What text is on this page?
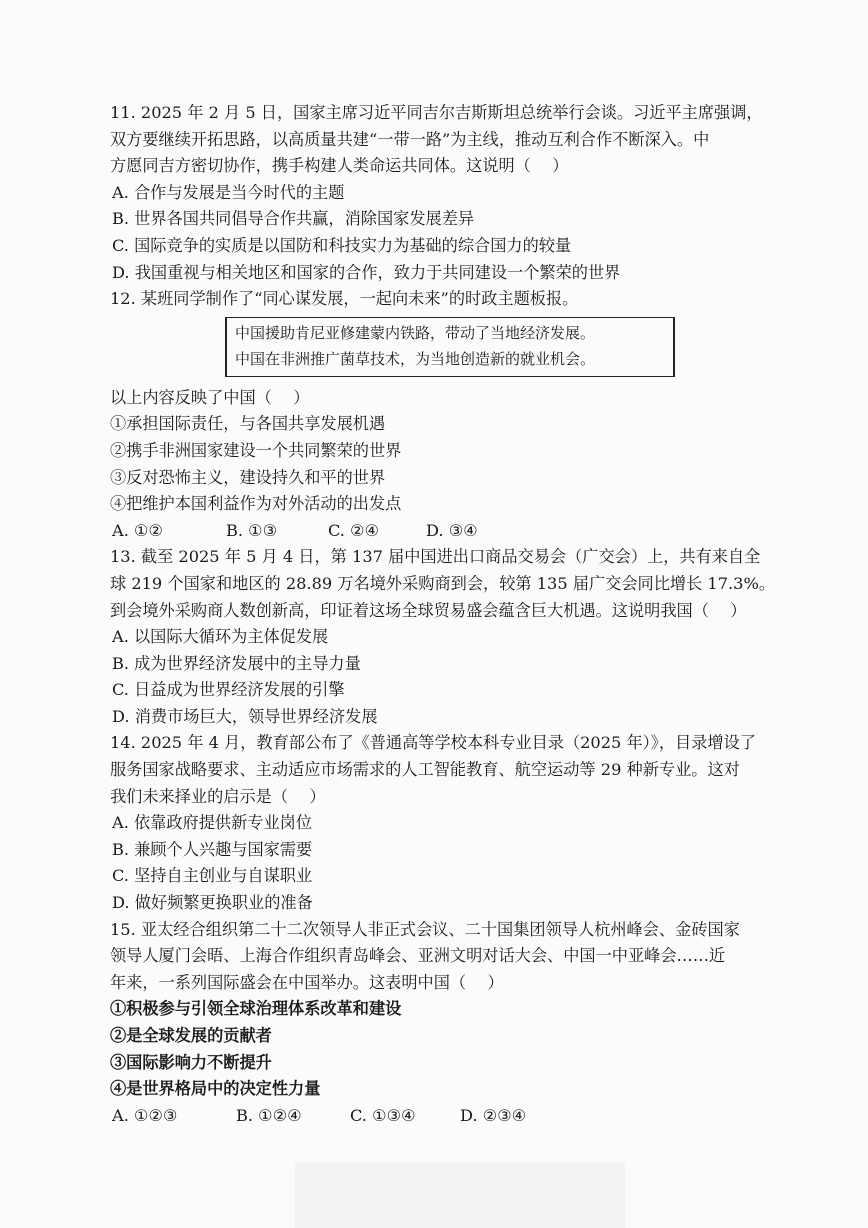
11. 2025 年 2 月 5 日，国家主席习近平同吉尔吉斯斯坦总统举行会谈。习近平主席强调，
双方要继续开拓思路，以高质量共建“一带一路”为主线，推动互利合作不断深入。中
方愿同吉方密切协作，携手构建人类命运共同体。这说明（　 ）
A. 合作与发展是当今时代的主题
B. 世界各国共同倡导合作共赢，消除国家发展差异
C. 国际竞争的实质是以国防和科技实力为基础的综合国力的较量
D. 我国重视与相关地区和国家的合作，致力于共同建设一个繁荣的世界
12. 某班同学制作了“同心谋发展，一起向未来”的时政主题板报。
中国援助肯尼亚修建蒙内铁路，带动了当地经济发展。
中国在非洲推广菌草技术，为当地创造新的就业机会。
以上内容反映了中国（　 ）
①承担国际责任，与各国共享发展机遇
②携手非洲国家建设一个共同繁荣的世界
③反对恐怖主义，建设持久和平的世界
④把维护本国利益作为对外活动的出发点
A. ①②	B. ①③	C. ②④	D. ③④
13. 截至 2025 年 5 月 4 日，第 137 届中国进出口商品交易会（广交会）上，共有来自全
球 219 个国家和地区的 28.89 万名境外采购商到会，较第 135 届广交会同比增长 17.3%。
到会境外采购商人数创新高，印证着这场全球贸易盛会蕴含巨大机遇。这说明我国（　 ）
A. 以国际大循环为主体促发展
B. 成为世界经济发展中的主导力量
C. 日益成为世界经济发展的引擎
D. 消费市场巨大，领导世界经济发展
14. 2025 年 4 月，教育部公布了《普通高等学校本科专业目录（2025 年）》，目录增设了
服务国家战略要求、主动适应市场需求的人工智能教育、航空运动等 29 种新专业。这对
我们未来择业的启示是（　 ）
A. 依靠政府提供新专业岗位
B. 兼顾个人兴趣与国家需要
C. 坚持自主创业与自谋职业
D. 做好频繁更换职业的准备
15. 亚太经合组织第二十二次领导人非正式会议、二十国集团领导人杭州峰会、金砖国家
领导人厦门会晤、上海合作组织青岛峰会、亚洲文明对话大会、中国一中亚峰会……近
年来，一系列国际盛会在中国举办。这表明中国（　 ）
①积极参与引领全球治理体系改革和建设
②是全球发展的贡献者
③国际影响力不断提升
④是世界格局中的决定性力量
A. ①②③	B. ①②④	C. ①③④	D. ②③④
